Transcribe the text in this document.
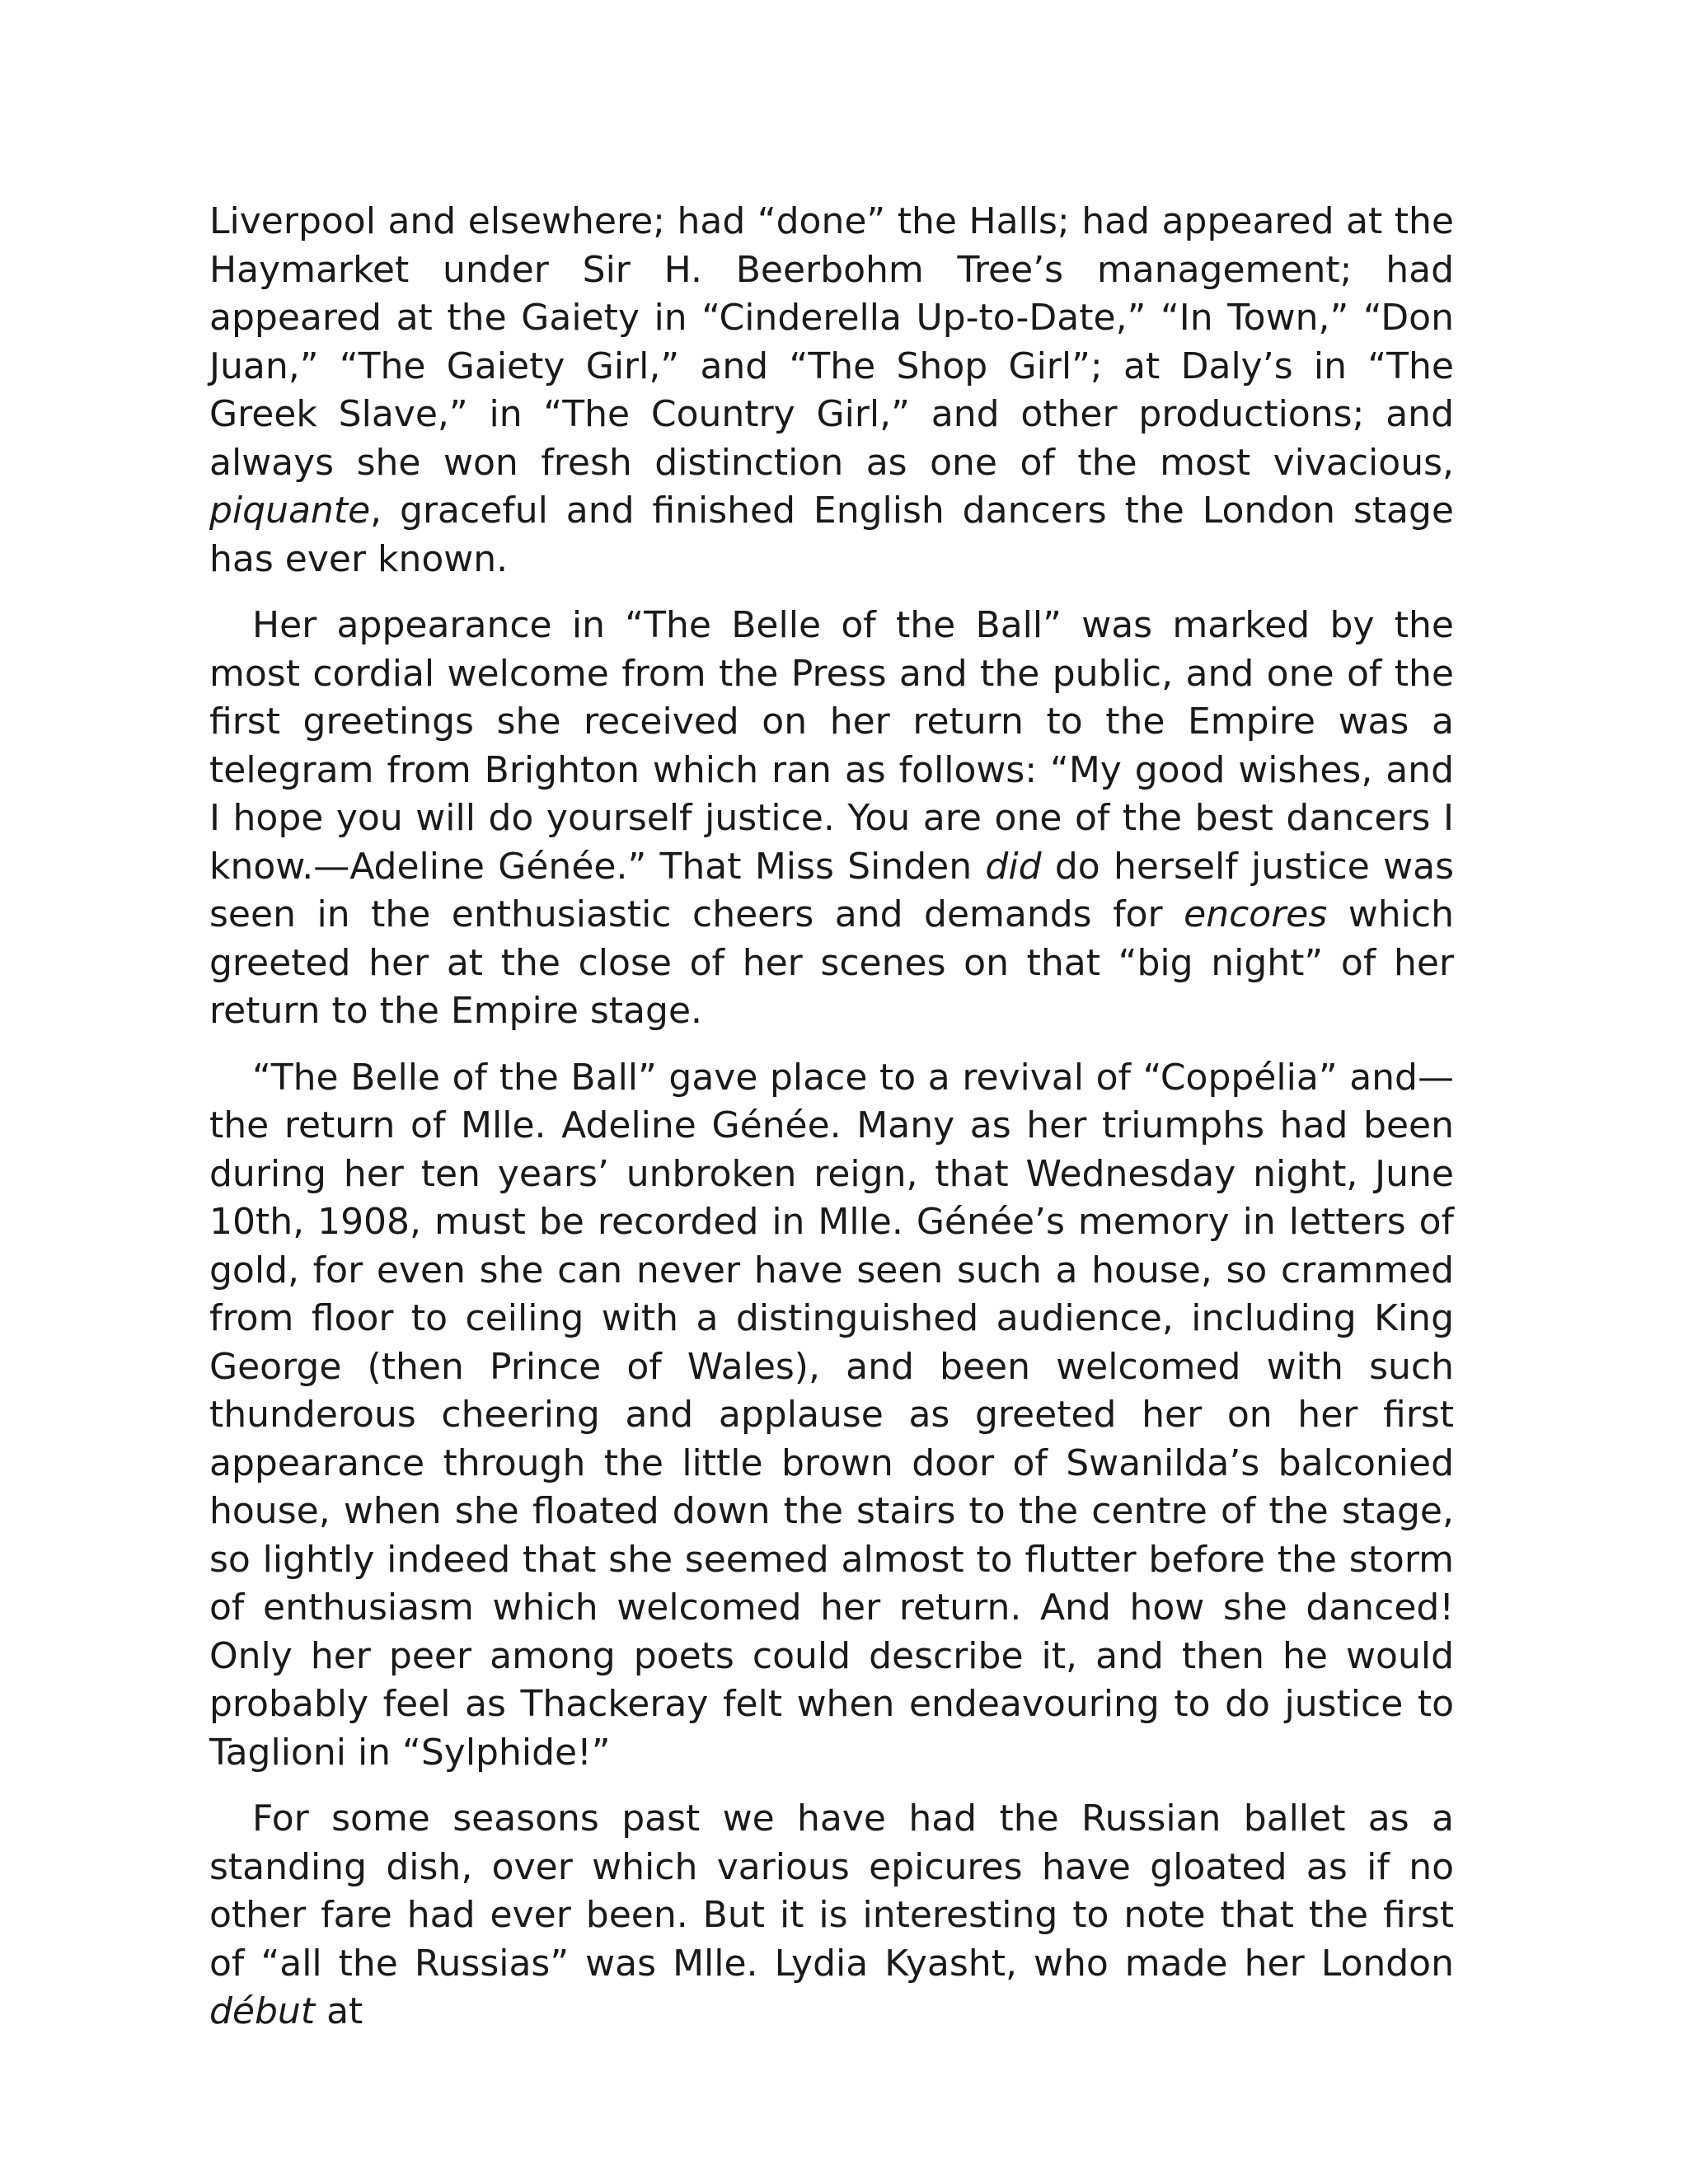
Liverpool and elsewhere; had “done” the Halls; had appeared at the Haymarket under Sir H. Beerbohm Tree’s management; had appeared at the Gaiety in “Cinderella Up-to-Date,” “In Town,” “Don Juan,” “The Gaiety Girl,” and “The Shop Girl”; at Daly’s in “The Greek Slave,” in “The Country Girl,” and other productions; and always she won fresh distinction as one of the most vivacious, piquante, graceful and finished English dancers the London stage has ever known.

Her appearance in “The Belle of the Ball” was marked by the most cordial welcome from the Press and the public, and one of the first greetings she received on her return to the Empire was a telegram from Brighton which ran as follows: “My good wishes, and I hope you will do yourself justice. You are one of the best dancers I know.—Adeline Génée.” That Miss Sinden did do herself justice was seen in the enthusiastic cheers and demands for encores which greeted her at the close of her scenes on that “big night” of her return to the Empire stage.

“The Belle of the Ball” gave place to a revival of “Coppélia” and—the return of Mlle. Adeline Génée. Many as her triumphs had been during her ten years’ unbroken reign, that Wednesday night, June 10th, 1908, must be recorded in Mlle. Génée’s memory in letters of gold, for even she can never have seen such a house, so crammed from floor to ceiling with a distinguished audience, including King George (then Prince of Wales), and been welcomed with such thunderous cheering and applause as greeted her on her first appearance through the little brown door of Swanilda’s balconied house, when she floated down the stairs to the centre of the stage, so lightly indeed that she seemed almost to flutter before the storm of enthusiasm which welcomed her return. And how she danced! Only her peer among poets could describe it, and then he would probably feel as Thackeray felt when endeavouring to do justice to Taglioni in “Sylphide!”

For some seasons past we have had the Russian ballet as a standing dish, over which various epicures have gloated as if no other fare had ever been. But it is interesting to note that the first of “all the Russias” was Mlle. Lydia Kyasht, who made her London début at
